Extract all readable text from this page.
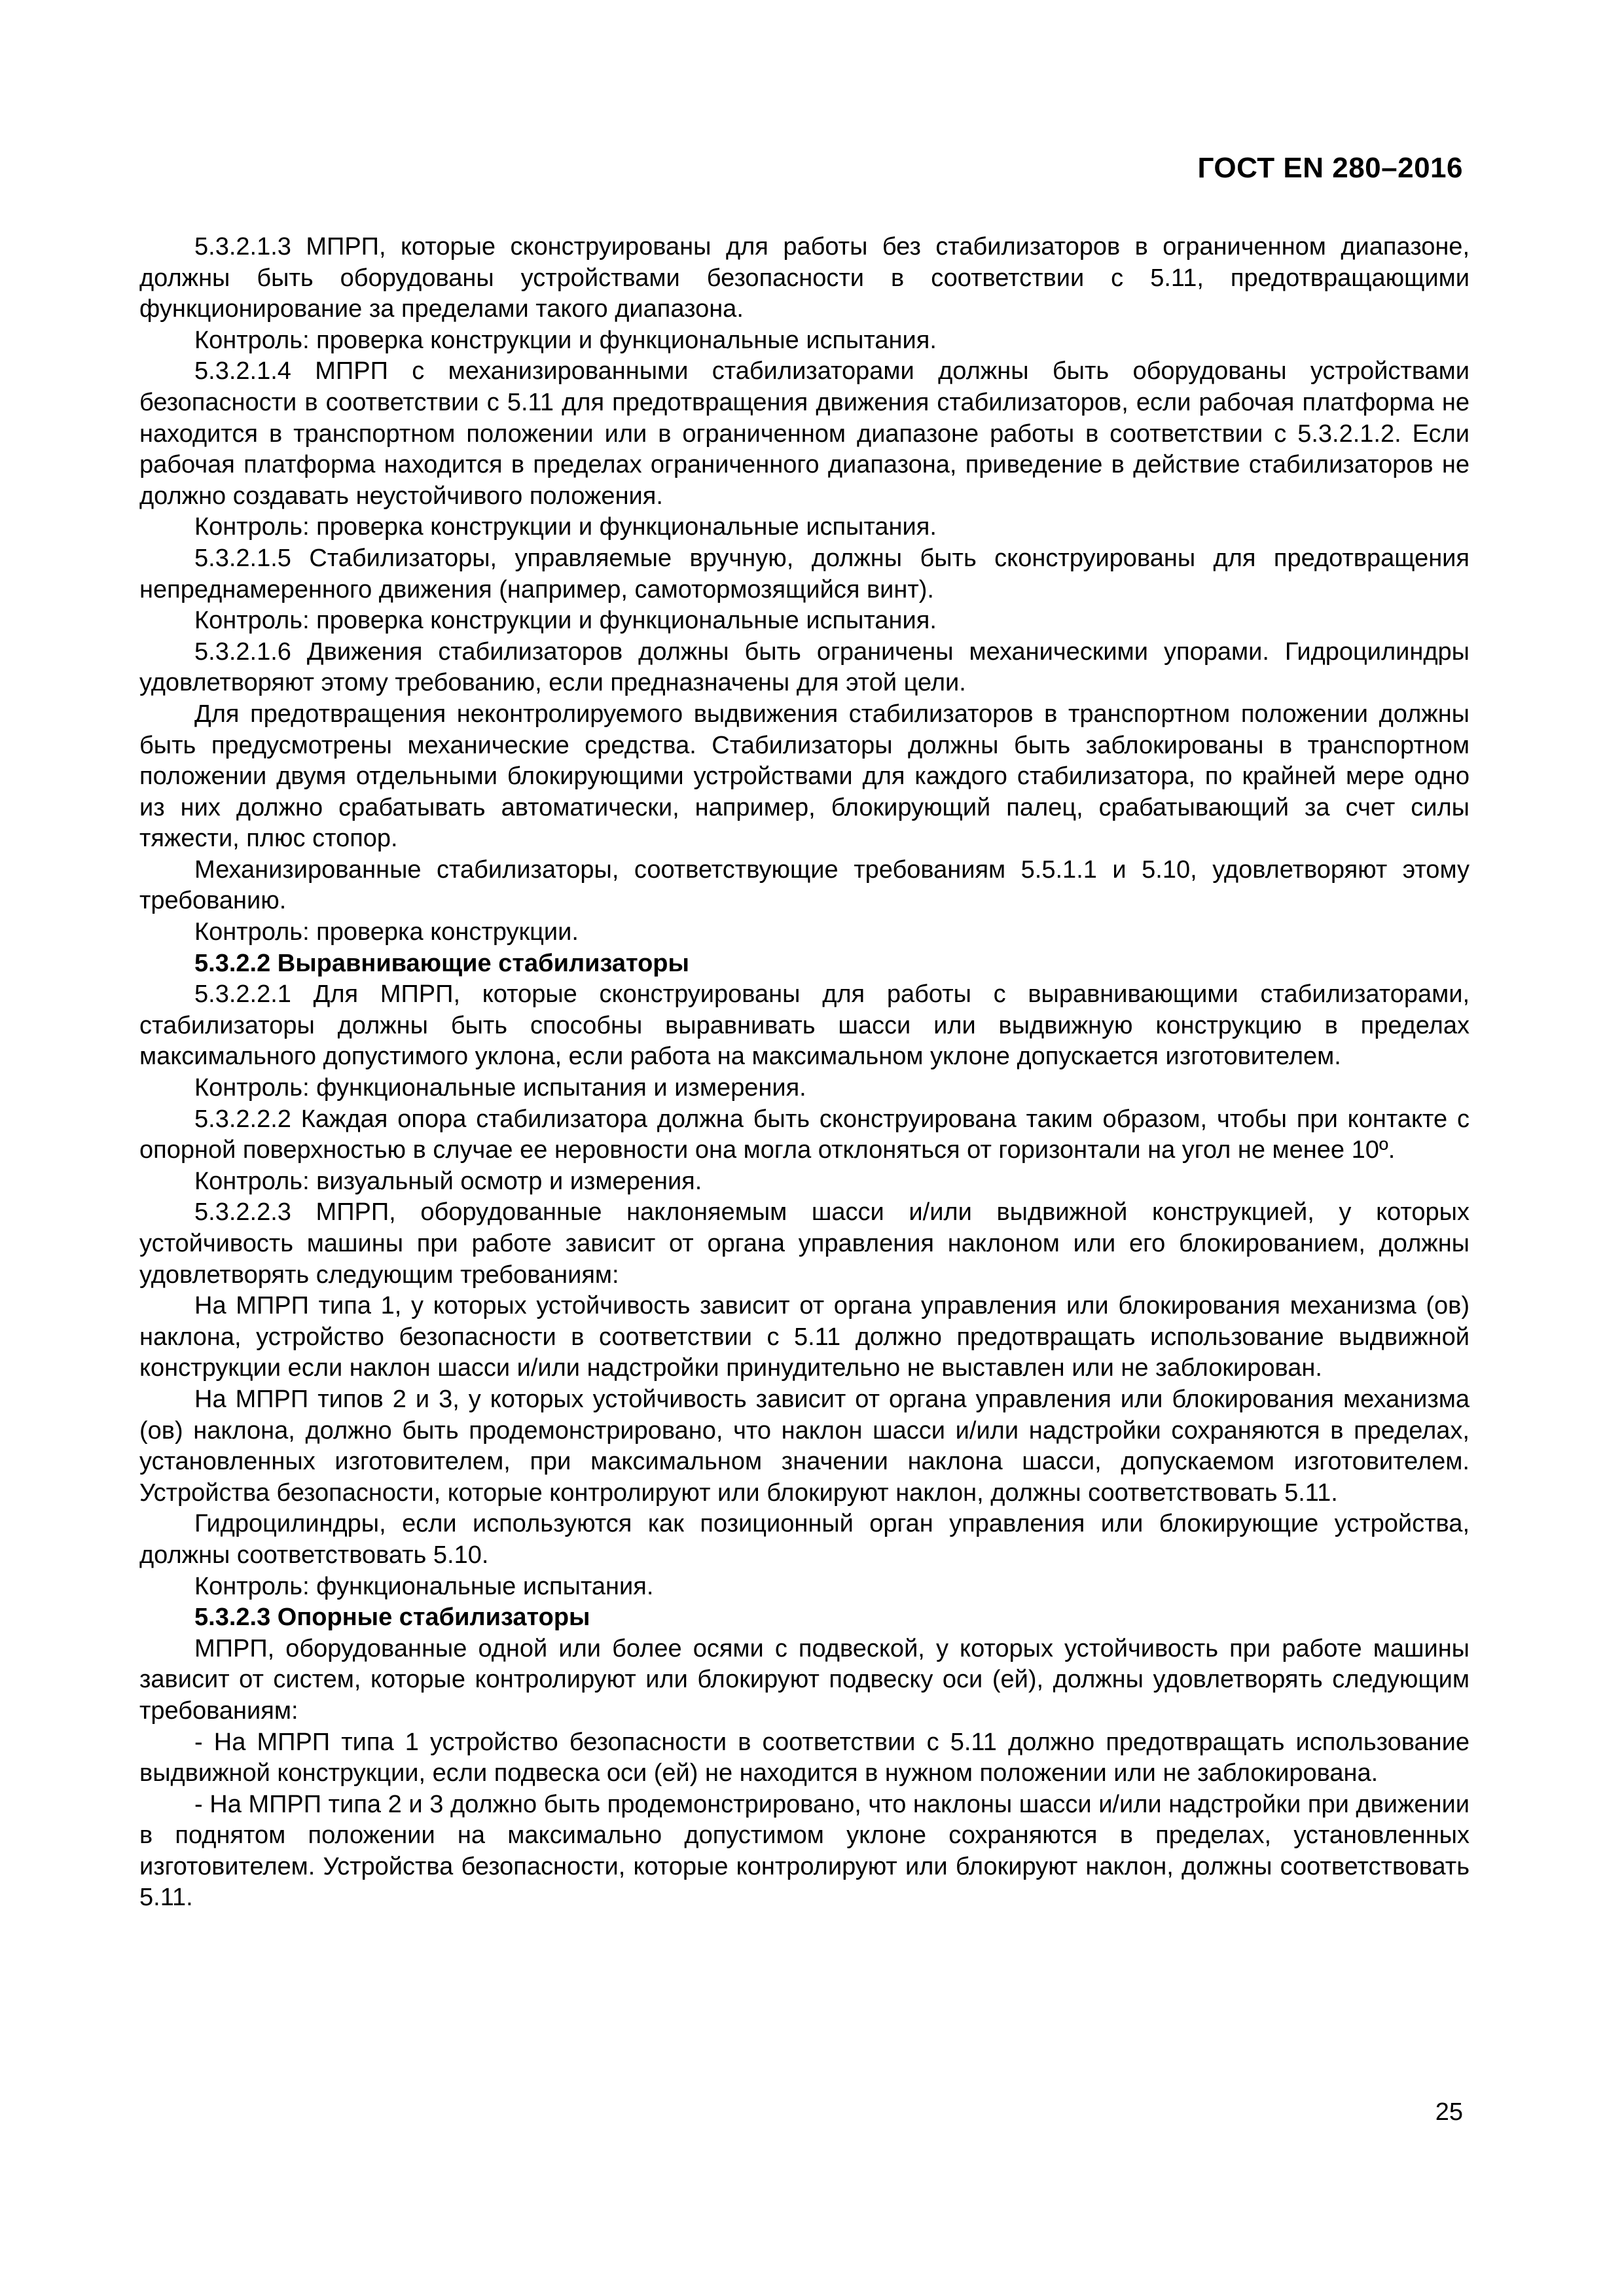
ГОСТ EN 280–2016

5.3.2.1.3 МПРП, которые сконструированы для работы без стабилизаторов в ограниченном диапазоне, должны быть оборудованы устройствами безопасности в соответствии с 5.11, предотвращающими функционирование за пределами такого диапазона.

Контроль: проверка конструкции и функциональные испытания.

5.3.2.1.4 МПРП с механизированными стабилизаторами должны быть оборудованы устройствами безопасности в соответствии с 5.11 для предотвращения движения стабилизаторов, если рабочая платформа не находится в транспортном положении или в ограниченном диапазоне работы в соответствии с 5.3.2.1.2. Если рабочая платформа находится в пределах ограниченного диапазона, приведение в действие стабилизаторов не должно создавать неустойчивого положения.

Контроль: проверка конструкции и функциональные испытания.

5.3.2.1.5 Стабилизаторы, управляемые вручную, должны быть сконструированы для предотвращения непреднамеренного движения (например, самотормозящийся винт).

Контроль: проверка конструкции и функциональные испытания.

5.3.2.1.6 Движения стабилизаторов должны быть ограничены механическими упорами. Гидроцилиндры удовлетворяют этому требованию, если предназначены для этой цели.

Для предотвращения неконтролируемого выдвижения стабилизаторов в транспортном положении должны быть предусмотрены механические средства. Стабилизаторы должны быть заблокированы в транспортном положении двумя отдельными блокирующими устройствами для каждого стабилизатора, по крайней мере одно из них должно срабатывать автоматически, например, блокирующий палец, срабатывающий за счет силы тяжести, плюс стопор.

Механизированные стабилизаторы, соответствующие требованиям 5.5.1.1 и 5.10, удовлетворяют этому требованию.

Контроль: проверка конструкции.

5.3.2.2 Выравнивающие стабилизаторы

5.3.2.2.1 Для МПРП, которые сконструированы для работы с выравнивающими стабилизаторами, стабилизаторы должны быть способны выравнивать шасси или выдвижную конструкцию в пределах максимального допустимого уклона, если работа на максимальном уклоне допускается изготовителем.

Контроль: функциональные испытания и измерения.

5.3.2.2.2 Каждая опора стабилизатора должна быть сконструирована таким образом, чтобы при контакте с опорной поверхностью в случае ее неровности она могла отклоняться от горизонтали на угол не менее 10º.

Контроль: визуальный осмотр и измерения.

5.3.2.2.3 МПРП, оборудованные наклоняемым шасси и/или выдвижной конструкцией, у которых устойчивость машины при работе зависит от органа управления наклоном или его блокированием, должны удовлетворять следующим требованиям:

На МПРП типа 1, у которых устойчивость зависит от органа управления или блокирования механизма (ов) наклона, устройство безопасности в соответствии с 5.11 должно предотвращать использование выдвижной конструкции если наклон шасси и/или надстройки принудительно не выставлен или не заблокирован.

На МПРП типов 2 и 3, у которых устойчивость зависит от органа управления или блокирования механизма (ов) наклона, должно быть продемонстрировано, что наклон шасси и/или надстройки сохраняются в пределах, установленных изготовителем, при максимальном значении наклона шасси, допускаемом изготовителем. Устройства безопасности, которые контролируют или блокируют наклон, должны соответствовать 5.11.

Гидроцилиндры, если используются как позиционный орган управления или блокирующие устройства, должны соответствовать 5.10.

Контроль: функциональные испытания.

5.3.2.3 Опорные стабилизаторы

МПРП, оборудованные одной или более осями с подвеской, у которых устойчивость при работе машины зависит от систем, которые контролируют или блокируют подвеску оси (ей), должны удовлетворять следующим требованиям:

- На МПРП типа 1 устройство безопасности в соответствии с 5.11 должно предотвращать использование выдвижной конструкции, если подвеска оси (ей) не находится в нужном положении или не заблокирована.

- На МПРП типа 2 и 3 должно быть продемонстрировано, что наклоны шасси и/или надстройки при движении в поднятом положении на максимально допустимом уклоне сохраняются в пределах, установленных изготовителем. Устройства безопасности, которые контролируют или блокируют наклон, должны соответствовать 5.11.

25
